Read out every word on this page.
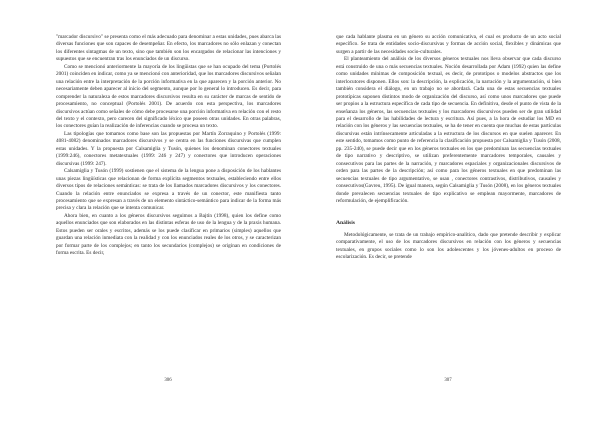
"marcador discursivo" se presenta como el más adecuado para denominar a estas unidades, pues abarca las diversas funciones que son capaces de desempeñar. En efecto, los marcadores no sólo enlazan y conectan los diferentes sintagmas de un texto, sino que también son los encargados de relacionar las intenciones y supuestos que se encuentran tras los enunciados de un discurso.

Como se mencionó anteriormente la mayoría de los lingüistas que se han ocupado del tema (Portolés 2001) coinciden en indicar, como ya se mencionó con anterioridad, que los marcadores discursivos señalan una relación entre la interpretación de la porción informativa en la que aparecen y la porción anterior. No necesariamente deben aparecer al inicio del segmento, aunque por lo general lo introducen. Es decir, para comprender la naturaleza de estos marcadores discursivos resulta en su carácter de marcas de sentido de procesamiento, no conceptual (Portolés 2001). De acuerdo con esta perspectiva, los marcadores discursivos actúan como señales de cómo debe procesarse una porción informativa en relación con el resto del texto y el contexto, pero carecen del significado léxico que poseen otras unidades. En otras palabras, los conectores guían la realización de inferencias cuando se procesa un texto.

Las tipologías que tomamos como base son las propuestas por Martín Zorraquino y Portolés (1999: 4081-4082) denominados marcadores discursivos y se centra en las funciones discursivas que cumplen estas unidades. Y la propuesta por Calsamiglia y Tusón, quienes los denominan conectores textuales (1999:246), conectores metatextuales (1999: 246 y 247) y conectores que introducen operaciones discursivas (1999: 247).

Calsamiglia y Tusón (1999) sostienen que el sistema de la lengua pone a disposición de los hablantes unas piezas lingüísticas que relacionan de forma explícita segmentos textuales, estableciendo entre ellos diversos tipos de relaciones semánticas: se trata de los llamados marcadores discursivos y los conectores. Cuando la relación entre enunciados se expresa a través de un conector, este manifiesta tanto procesamiento que se expresan a través de un elemento sintáctico-semántico para indicar de la forma más precisa y clara la relación que se intenta comunicar.

Ahora bien, en cuanto a los géneros discursivos seguimos a Bajtín (1998), quien los define como aquellos enunciados que son elaborados en las distintas esferas de uso de la lengua y de la praxis humana. Estos pueden ser orales y escritos, además se los puede clasificar en primarios (simples) aquellos que guardan una relación inmediata con la realidad y con los enunciados reales de los otros, y se caracterizan por formar parte de los complejos; en tanto los secundarios (complejos) se originan en condiciones de forma escrita. Es decir,

306

que cada hablante plasma en un género su acción comunicativa, el cual es producto de un acto social específico. Se trata de entidades socio-discursivas y formas de acción social, flexibles y dinámicas que surgen a partir de las necesidades socio-culturales.

El planteamiento del análisis de los diversos géneros textuales nos lleva observar que cada discurso está construido de una o más secuencias textuales. Noción desarrollada por Adam (1992) quien las define como unidades mínimas de composición textual, es decir, de prototipos o modelos abstractos que los interlocutores disponen. Ellos son: la descripción, la explicación, la narración y la argumentación, si bien también considera el diálogo, en un trabajo no se abordará. Cada una de estas secuencias textuales prototípicas suponen distintos modo de organización del discurso, así como unos marcadores que puede ser propios a la estructura específica de cada tipo de secuencia. En definitiva, desde el punto de vista de la enseñanza los géneros, las secuencias textuales y los marcadores discursivos pueden ser de gran utilidad para el desarrollo de las habilidades de lectura y escritura. Así pues, a la hora de estudiar los MD en relación con los géneros y las secuencias textuales, se ha de tener en cuenta que muchas de estas partículas discursivas están intrínsecamente articuladas a la estructura de los discursos en que suelen aparecer. En este sentido, tomamos como punto de referencia la clasificación propuesta por Calsamiglia y Tusón (2008, pp. 235-240), se puede decir que en los géneros textuales en los que predominan las secuencias textuales de tipo narrativo y descriptivo, se utilizan preferentemente marcadores temporales, causales y consecutivos para las partes de la narración, y marcadores espaciales y organizacionales discursivos de orden para las partes de la descripción; así como para los géneros textuales en que predominan las secuencias textuales de tipo argumentativo, se usan , conectores contrastivos, distributivos, causales y consecutivos(Gavreu, 1995). De igual manera, según Calsamiglia y Tusón (2008), en los géneros textuales donde prevalecen secuencias textuales de tipo explicativo se emplean mayormente, marcadores de reformulación, de ejemplificación.

Análisis

Metodológicamente, se trata de un trabajo empírico-analítico, dado que pretende describir y explicar comparativamente, el uso de los marcadores discursivos en relación con los géneros y secuencias textuales, en grupos sociales como lo son los adolescentes y los jóvenes-adultos en proceso de escolarización. Es decir, se pretende

307
